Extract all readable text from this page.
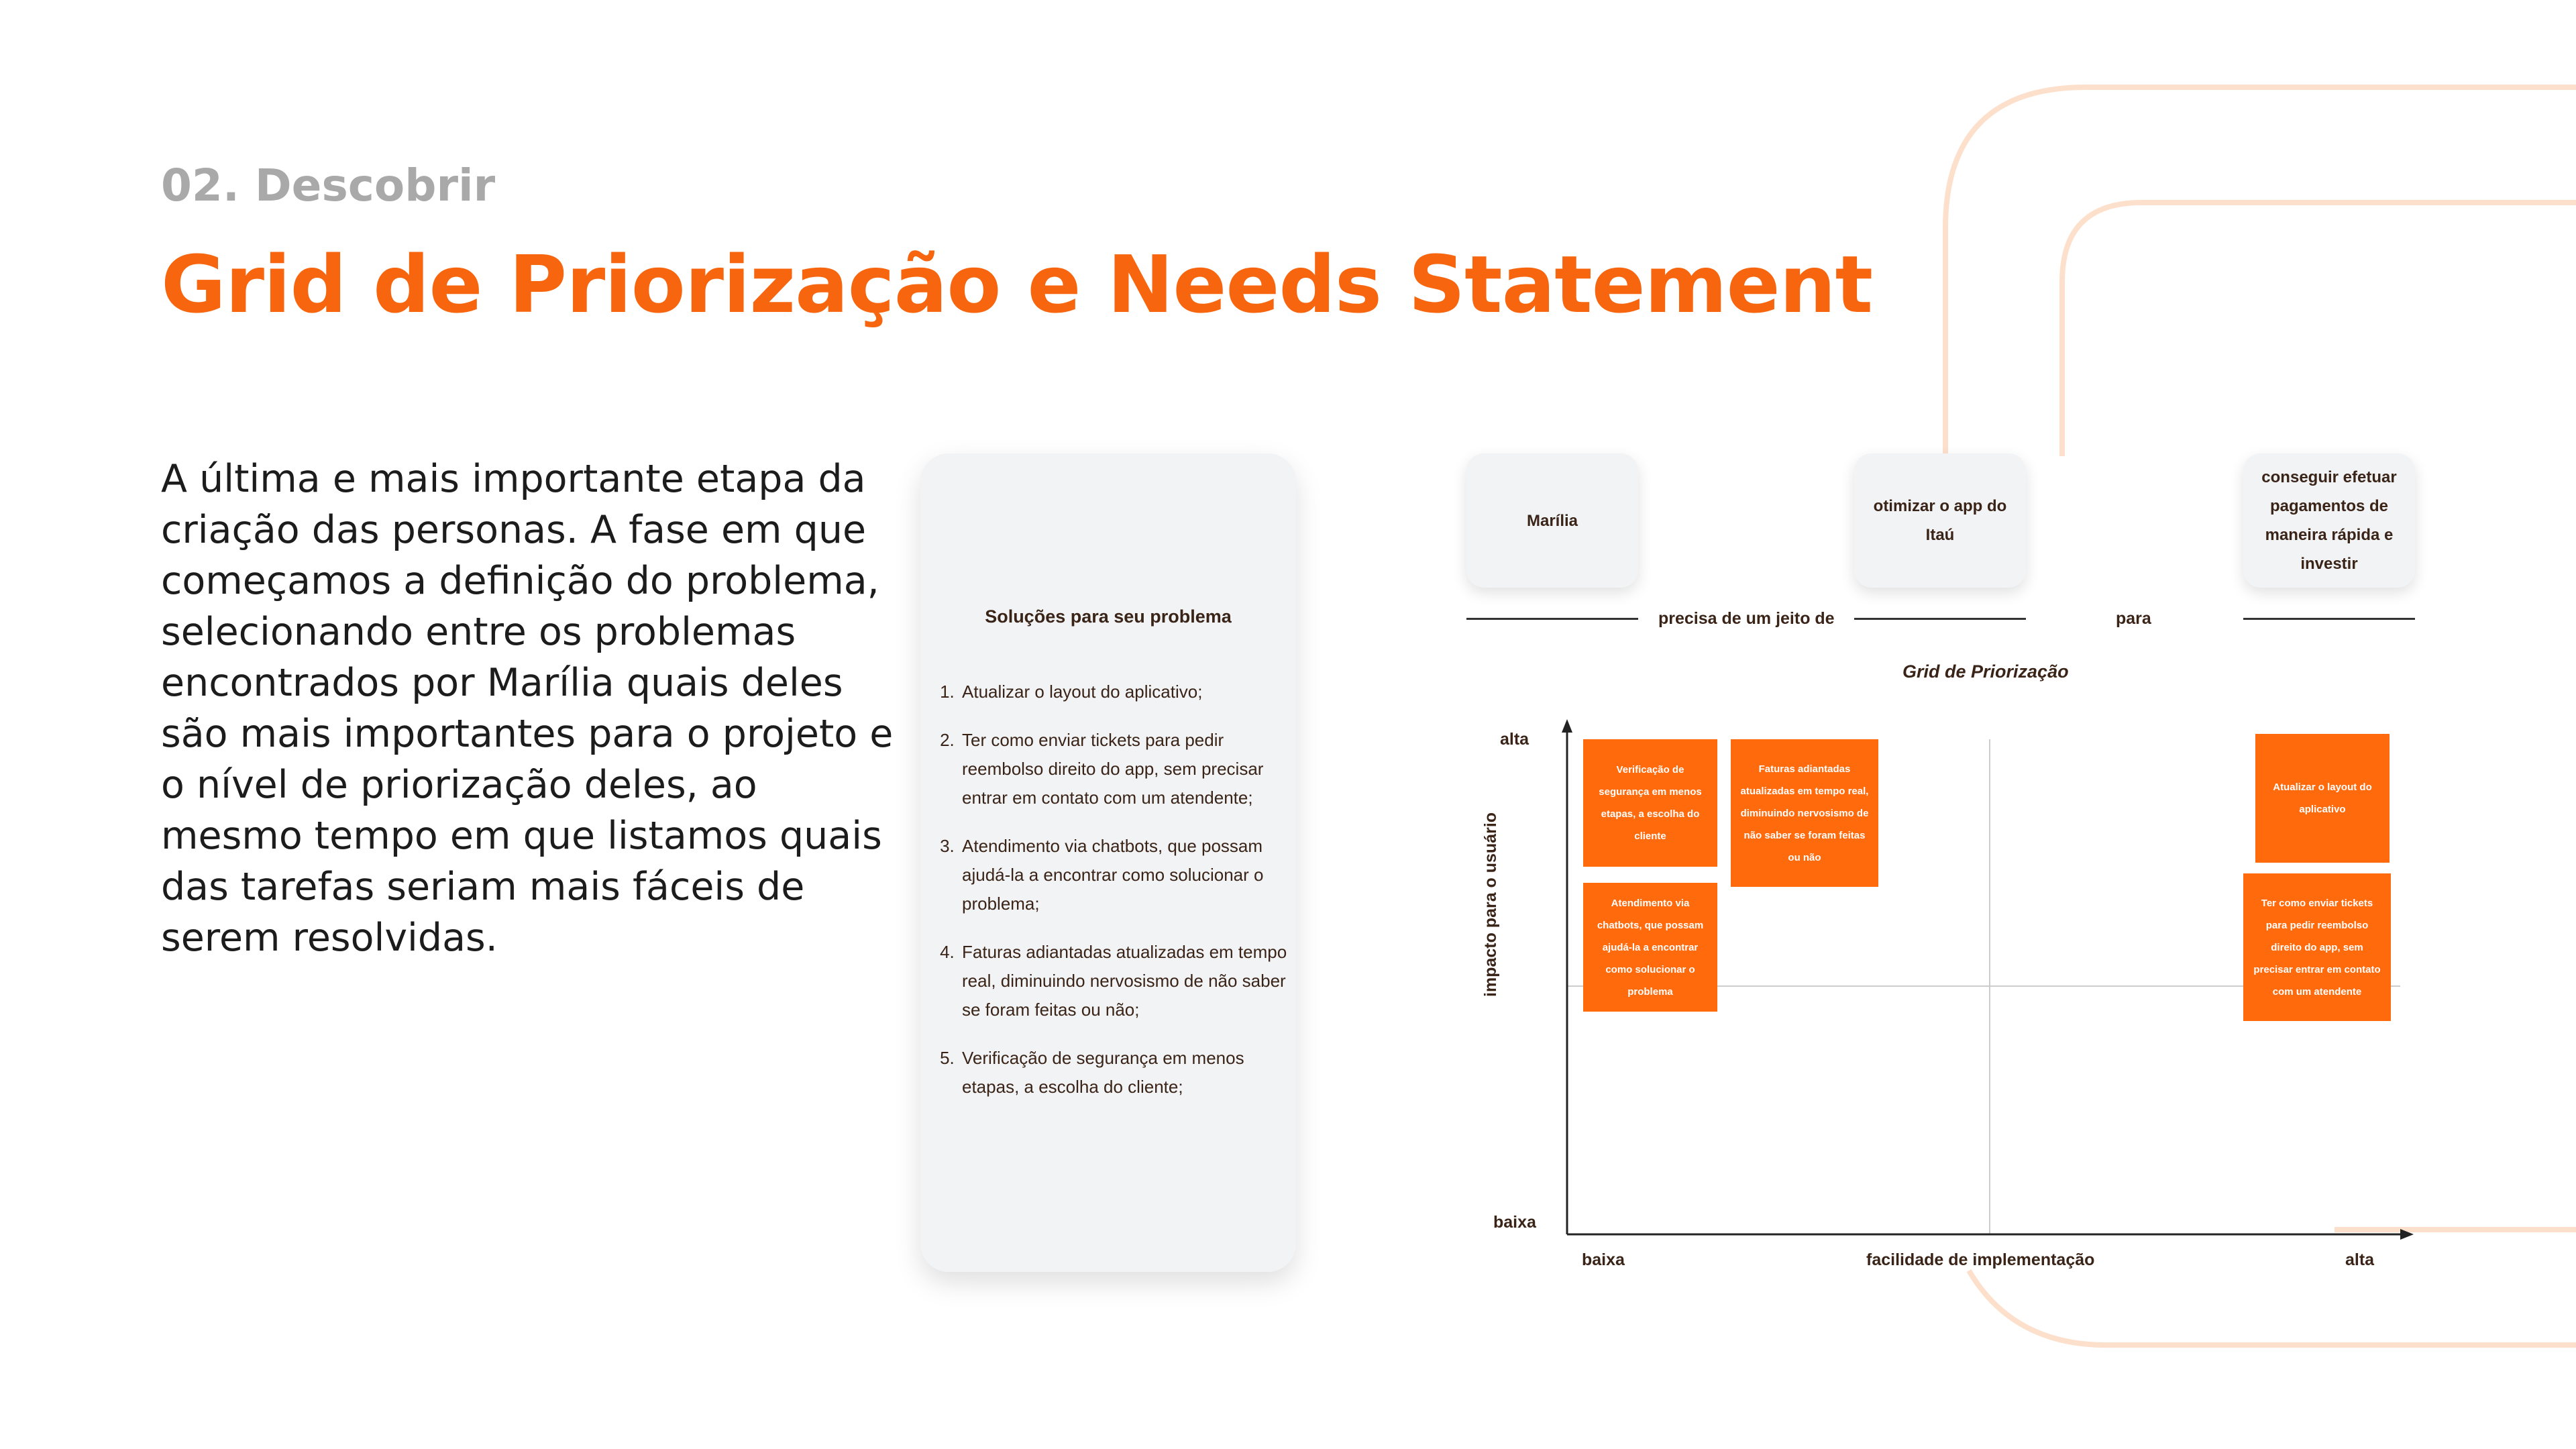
02. Descobrir
Grid de Priorização e Needs Statement

A última e mais importante etapa da criação das personas. A fase em que começamos a definição do problema, selecionando entre os problemas encontrados por Marília quais deles são mais importantes para o projeto e o nível de priorização deles, ao mesmo tempo em que listamos quais das tarefas seriam mais fáceis de serem resolvidas.

Soluções para seu problema
1. Atualizar o layout do aplicativo;
2. Ter como enviar tickets para pedir reembolso direito do app, sem precisar entrar em contato com um atendente;
3. Atendimento via chatbots, que possam ajudá-la a encontrar como solucionar o problema;
4. Faturas adiantadas atualizadas em tempo real, diminuindo nervosismo de não saber se foram feitas ou não;
5. Verificação de segurança em menos etapas, a escolha do cliente;
Marília
otimizar o app do Itaú
conseguir efetuar pagamentos de maneira rápida e investir
precisa de um jeito de	para
Grid de Priorização
alta
baixa
impacto para o usuário
baixa	facilidade de implementação	alta
Verificação de segurança em menos etapas, a escolha do cliente
Faturas adiantadas atualizadas em tempo real, diminuindo nervosismo de não saber se foram feitas ou não
Atendimento via chatbots, que possam ajudá-la a encontrar como solucionar o problema
Atualizar o layout do aplicativo
Ter como enviar tickets para pedir reembolso direito do app, sem precisar entrar em contato com um atendente
